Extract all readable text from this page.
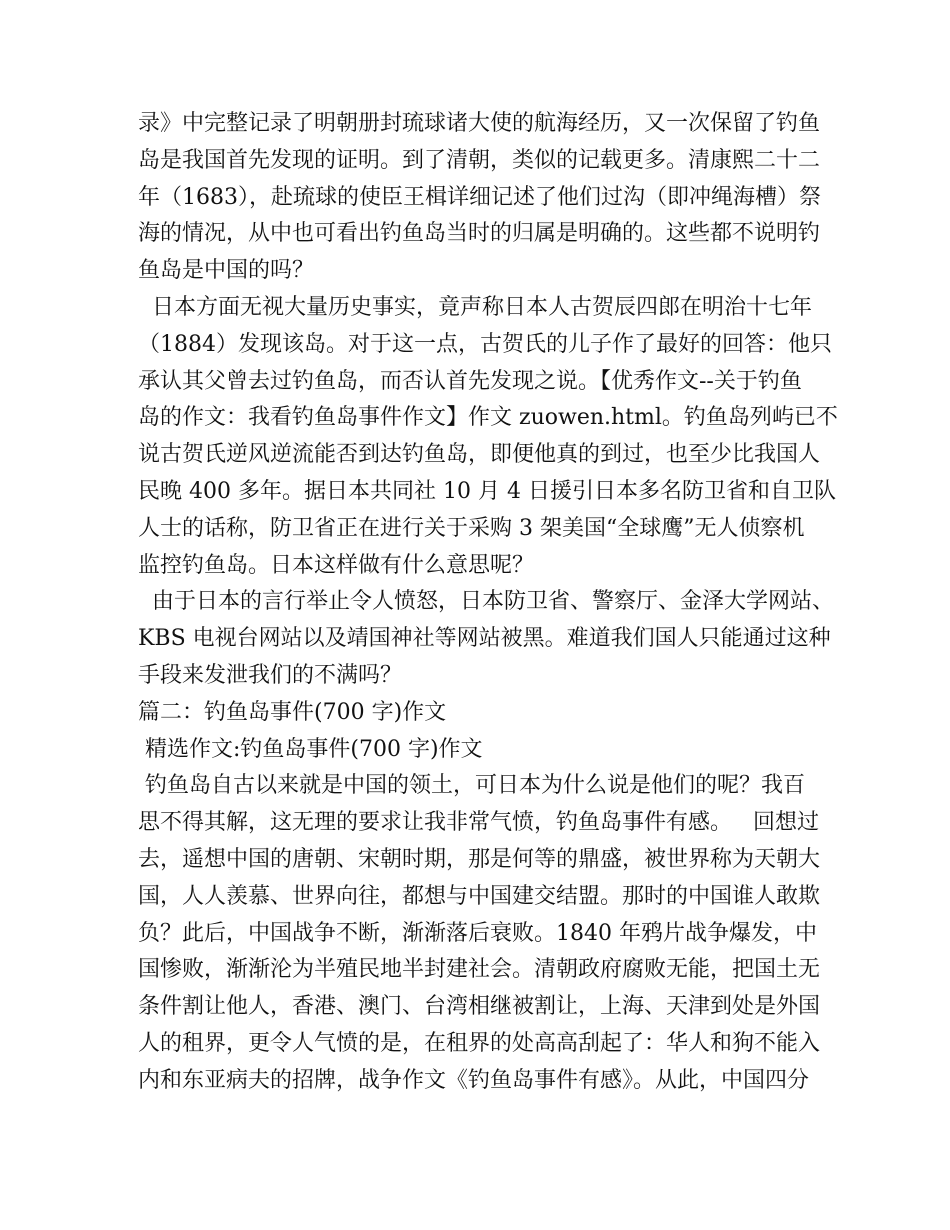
录》中完整记录了明朝册封琉球诸大使的航海经历，又一次保留了钓鱼
岛是我国首先发现的证明。到了清朝，类似的记载更多。清康熙二十二
年（1683），赴琉球的使臣王楫详细记述了他们过沟（即冲绳海槽）祭
海的情况，从中也可看出钓鱼岛当时的归属是明确的。这些都不说明钓
鱼岛是中国的吗？
日本方面无视大量历史事实，竟声称日本人古贺辰四郎在明治十七年
（1884）发现该岛。对于这一点，古贺氏的儿子作了最好的回答：他只
承认其父曾去过钓鱼岛，而否认首先发现之说。【优秀作文--关于钓鱼
岛的作文：我看钓鱼岛事件作文】作文 zuowen.html。钓鱼岛列屿已不
说古贺氏逆风逆流能否到达钓鱼岛，即便他真的到过，也至少比我国人
民晚 400 多年。据日本共同社 10 月 4 日援引日本多名防卫省和自卫队
人士的话称，防卫省正在进行关于采购 3 架美国“全球鹰”无人侦察机
监控钓鱼岛。日本这样做有什么意思呢？
由于日本的言行举止令人愤怒，日本防卫省、警察厅、金泽大学网站、
KBS 电视台网站以及靖国神社等网站被黑。难道我们国人只能通过这种
手段来发泄我们的不满吗？
篇二：钓鱼岛事件(700 字)作文
精选作文:钓鱼岛事件(700 字)作文
钓鱼岛自古以来就是中国的领土，可日本为什么说是他们的呢？我百
思不得其解，这无理的要求让我非常气愤，钓鱼岛事件有感。   回想过
去，遥想中国的唐朝、宋朝时期，那是何等的鼎盛，被世界称为天朝大
国，人人羡慕、世界向往，都想与中国建交结盟。那时的中国谁人敢欺
负？此后，中国战争不断，渐渐落后衰败。1840 年鸦片战争爆发，中
国惨败，渐渐沦为半殖民地半封建社会。清朝政府腐败无能，把国土无
条件割让他人，香港、澳门、台湾相继被割让，上海、天津到处是外国
人的租界，更令人气愤的是，在租界的处高高刮起了：华人和狗不能入
内和东亚病夫的招牌，战争作文《钓鱼岛事件有感》。从此，中国四分
